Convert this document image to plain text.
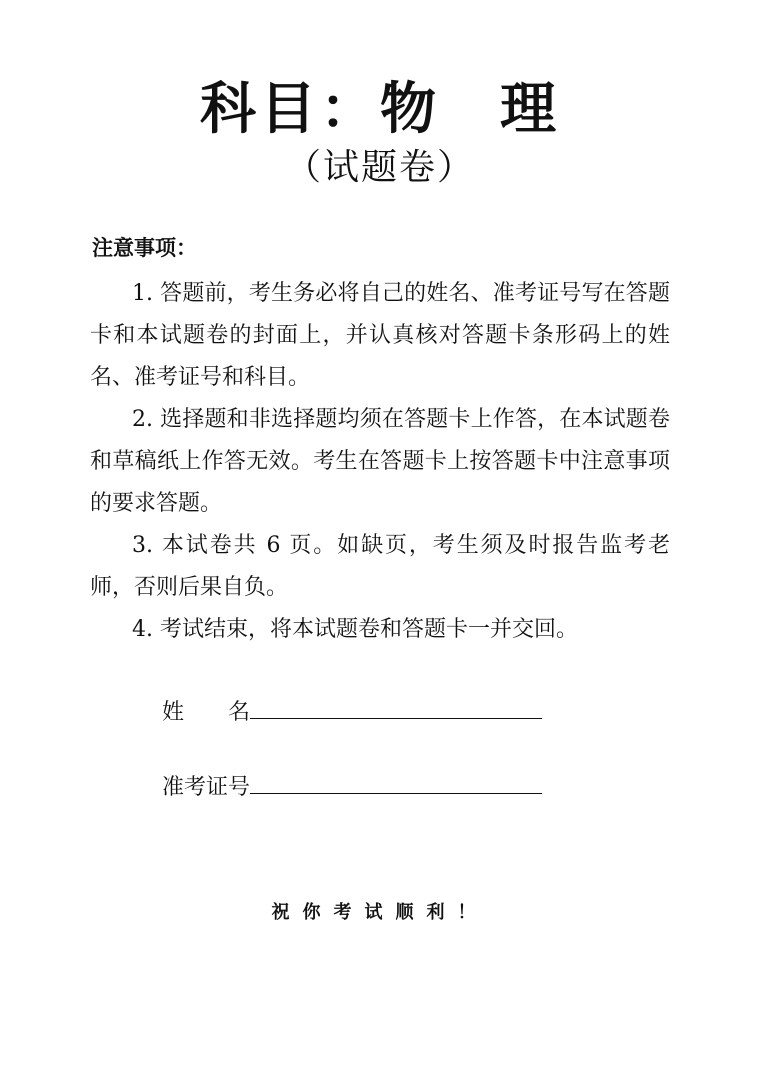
科目：物　理
（试题卷）
注意事项：

1. 答题前，考生务必将自己的姓名、准考证号写在答题卡和本试题卷的封面上，并认真核对答题卡条形码上的姓名、准考证号和科目。

2. 选择题和非选择题均须在答题卡上作答，在本试题卷和草稿纸上作答无效。考生在答题卡上按答题卡中注意事项的要求答题。

3. 本试卷共 6 页。如缺页，考生须及时报告监考老师，否则后果自负。

4. 考试结束，将本试题卷和答题卡一并交回。

姓　　名
准考证号
祝你考试顺利！
